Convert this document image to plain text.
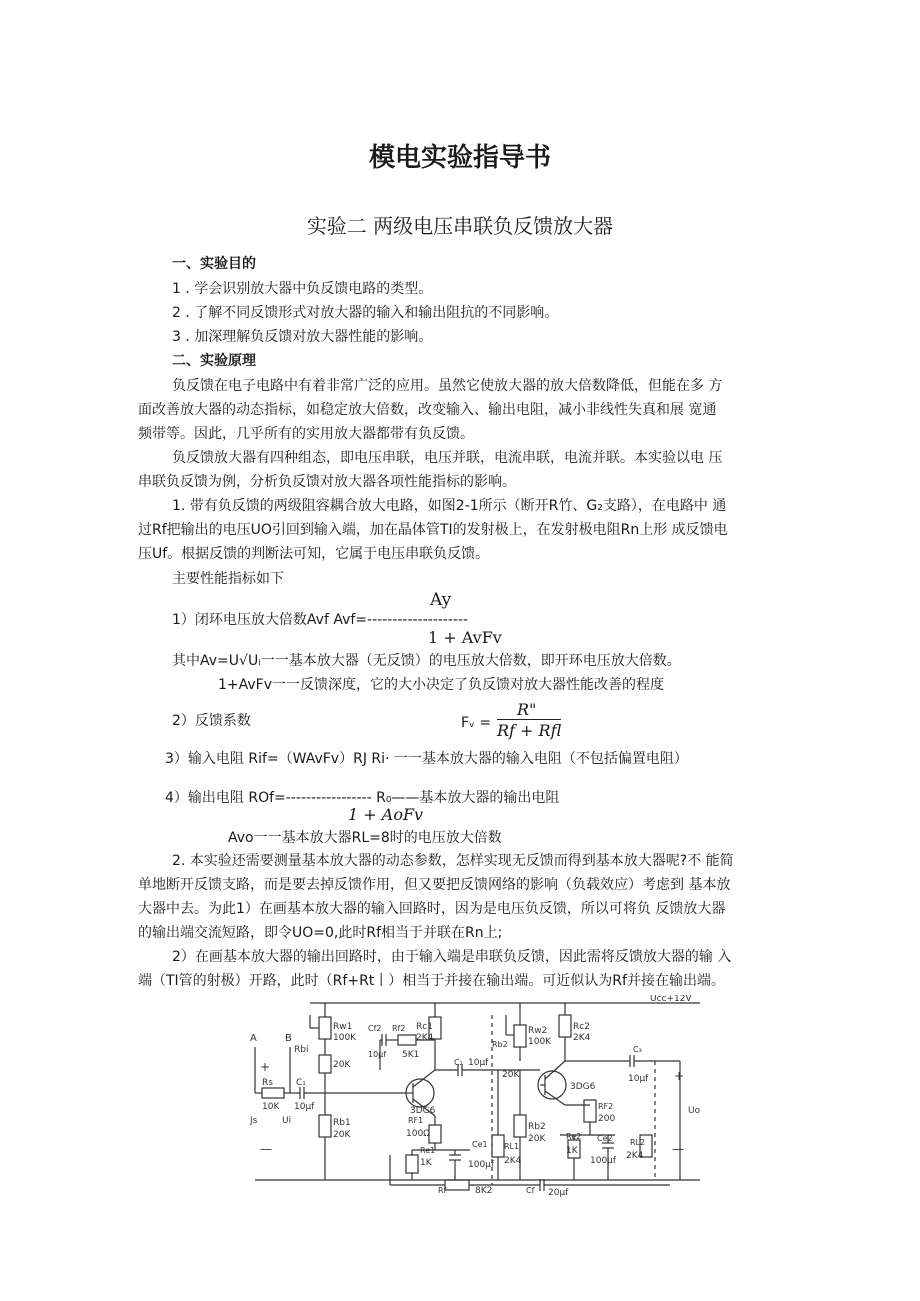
模电实验指导书
实验二 两级电压串联负反馈放大器
一、实验目的
1 . 学会识别放大器中负反馈电路的类型。
2 . 了解不同反馈形式对放大器的输入和输出阻抗的不同影响。
3 . 加深理解负反馈对放大器性能的影响。
二、实验原理
负反馈在电子电路中有着非常广泛的应用。虽然它使放大器的放大倍数降低，但能在多 方
面改善放大器的动态指标，如稳定放大倍数，改变输入、输出电阻，减小非线性失真和展 宽通
频带等。因此，几乎所有的实用放大器都带有负反馈。
负反馈放大器有四种组态，即电压串联，电压并联，电流串联，电流并联。本实验以电 压
串联负反馈为例，分析负反馈对放大器各项性能指标的影响。
1. 带有负反馈的两级阻容耦合放大电路，如图2-1所示（断开R竹、G₂支路），在电路中 通
过Rf把输出的电压UO引回到输入端，加在晶体管TI的发射极上，在发射极电阻Rn上形 成反馈电
压Uf。根据反馈的判断法可知，它属于电压串联负反馈。
主要性能指标如下
Ay
1）闭环电压放大倍数Avf Avf=--------------------
1 + AvFv
其中Av=U√Uᵢ一一基本放大器（无反馈）的电压放大倍数，即开环电压放大倍数。
1+AvFv一一反馈深度，它的大小决定了负反馈对放大器性能改善的程度
R"
2）反馈系数	Fᵥ = Rf + Rfl
3）输入电阻 Rif=（WAvFv）RJ Ri· 一一基本放大器的输入电阻（不包括偏置电阻）
4）输出电阻 ROf=----------------- R₀——基本放大器的输出电阻
1 + AoFv
Avo一一基本放大器RL=8时的电压放大倍数
2. 本实验还需要测量基本放大器的动态参数，怎样实现无反馈而得到基本放大器呢?不 能简
单地断开反馈支路，而是要去掉反馈作用，但又要把反馈网络的影响（负载效应）考虑到 基本放
大器中去。为此1）在画基本放大器的输入回路时，因为是电压负反馈，所以可将负 反馈放大器
的输出端交流短路，即令UO=0,此时Rf相当于并联在Rn上;
2）在画基本放大器的输出回路时，由于输入端是串联负反馈，因此需将反馈放大器的输 入
端（TI管的射极）开路，此时（Rf+Rt丨）相当于并接在输出端。可近似认为Rf并接在输出端。
Ucc+12V
A	B
+
—
Rs
10K
C₁
10μf
Js	Ui
Rw1
100K
Rbi
20K
Rb1
20K
Rc1
2K4
Cf2
10μf
Rf2
5K1
3DG6
RF1
100Ω
Re1
1K
Ce1
100μf
C₂ 10μf
Rb2
Rw2
100K
20K
Rb2
20K
RL1
2K4
Rc2
2K4
3DG6
RF2
200
Re2
1K
Ce2
100μf
C₃
10μf
RL2
2K4
Uo
+
—
Rf	8K2	Cf 20μf
